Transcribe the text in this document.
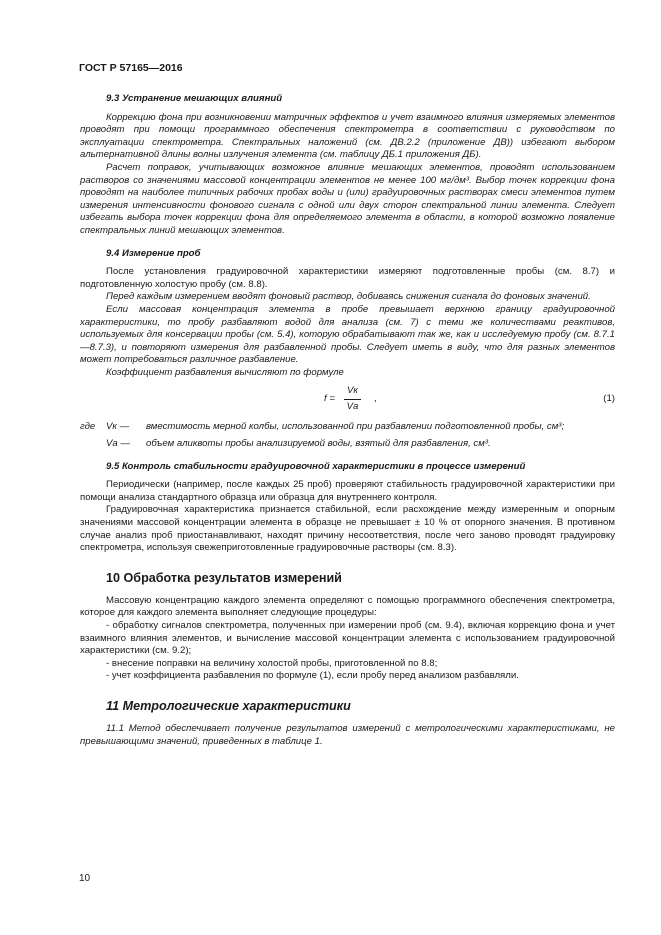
ГОСТ Р 57165—2016

9.3 Устранение мешающих влияний

Коррекцию фона при возникновении матричных эффектов и учет взаимного влияния измеряемых элементов проводят при помощи программного обеспечения спектрометра в соответствии с руководством по эксплуатации спектрометра. Спектральных наложений (см. ДВ.2.2 (приложение ДВ)) избегают выбором альтернативной длины волны излучения элемента (см. таблицу ДБ.1 приложения ДБ).

Расчет поправок, учитывающих возможное влияние мешающих элементов, проводят использованием растворов со значениями массовой концентрации элементов не менее 100 мг/дм³. Выбор точек коррекции фона проводят на наиболее типичных рабочих пробах воды и (или) градуировочных растворах смеси элементов путем измерения интенсивности фонового сигнала с одной или двух сторон спектральной линии элемента. Следует избегать выбора точек коррекции фона для определяемого элемента в области, в которой возможно появление спектральных линий мешающих элементов.

9.4 Измерение проб

После установления градуировочной характеристики измеряют подготовленные пробы (см. 8.7) и подготовленную холостую пробу (см. 8.8).

Перед каждым измерением вводят фоновый раствор, добиваясь снижения сигнала до фоновых значений.

Если массовая концентрация элемента в пробе превышает верхнюю границу градуировочной характеристики, то пробу разбавляют водой для анализа (см. 7) с теми же количествами реактивов, используемых для консервации пробы (см. 5.4), которую обрабатывают так же, как и исследуемую пробу (см. 8.7.1—8.7.3), и повторяют измерения для разбавленной пробы. Следует иметь в виду, что для разных элементов может потребоваться различное разбавление.

Коэффициент разбавления вычисляют по формуле

f =
Vк
Vа
,	(1)
где	Vк —	вместимость мерной колбы, использованной при разбавлении подготовленной пробы, см³;
Vа —	объем аликвоты пробы анализируемой воды, взятый для разбавления, см³.

9.5 Контроль стабильности градуировочной характеристики в процессе измерений

Периодически (например, после каждых 25 проб) проверяют стабильность градуировочной характеристики при помощи анализа стандартного образца или образца для внутреннего контроля.

Градуировочная характеристика признается стабильной, если расхождение между измеренным и опорным значениями массовой концентрации элемента в образце не превышает ± 10 % от опорного значения. В противном случае анализ проб приостанавливают, находят причину несоответствия, после чего заново проводят градуировку спектрометра, используя свежеприготовленные градуировочные растворы (см. 8.3).

10 Обработка результатов измерений

Массовую концентрацию каждого элемента определяют с помощью программного обеспечения спектрометра, которое для каждого элемента выполняет следующие процедуры:

- обработку сигналов спектрометра, полученных при измерении проб (см. 9.4), включая коррекцию фона и учет взаимного влияния элементов, и вычисление массовой концентрации элемента с использованием градуировочной характеристики (см. 9.2);

- внесение поправки на величину холостой пробы, приготовленной по 8.8;

- учет коэффициента разбавления по формуле (1), если пробу перед анализом разбавляли.

11 Метрологические характеристики

11.1 Метод обеспечивает получение результатов измерений с метрологическими характеристиками, не превышающими значений, приведенных в таблице 1.

10
